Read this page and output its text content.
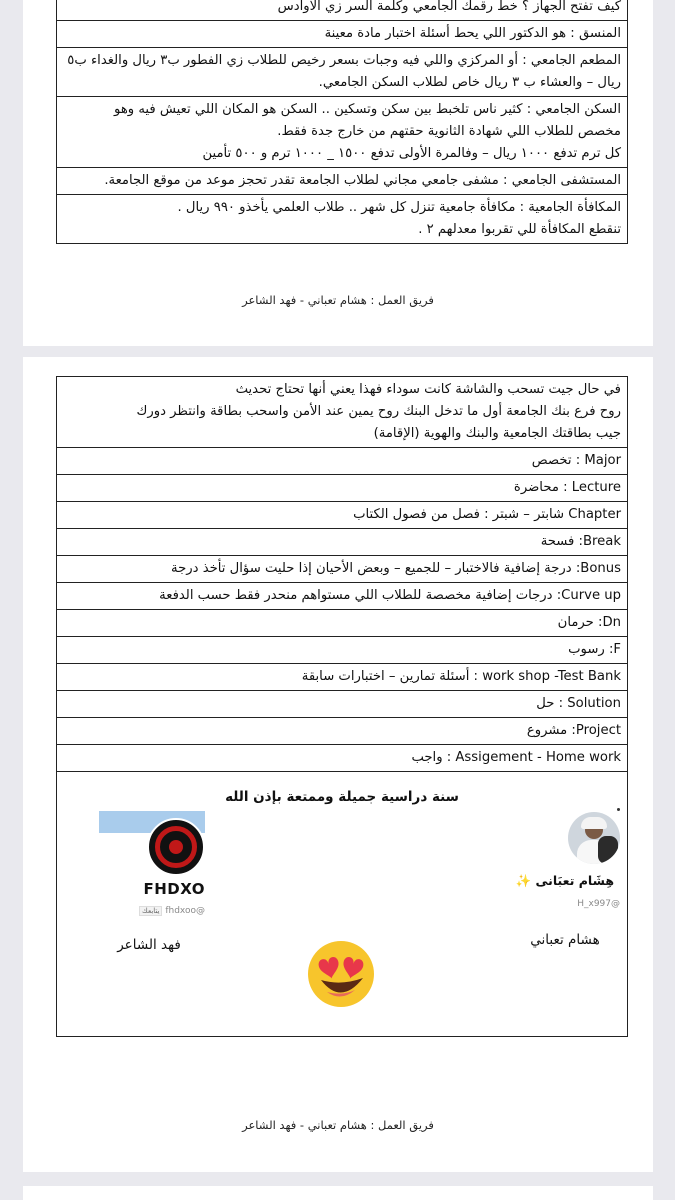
كيف تفتح الجهاز ؟ خط رقمك الجامعي وكلمة السر زي الاوادس
المنسق : هو الدكتور اللي يحط أسئلة اختبار مادة معينة
المطعم الجامعي : أو المركزي واللي فيه وجبات بسعر رخيص للطلاب زي الفطور ب٣ ريال والغداء ب٥
ريال – والعشاء ب ٣ ريال خاص لطلاب السكن الجامعي.
السكن الجامعي : كثير ناس تلخبط بين سكن وتسكين .. السكن هو المكان اللي تعيش فيه وهو
مخصص للطلاب اللي شهادة الثانوية حقتهم من خارج جدة فقط.
كل ترم تدفع ١٠٠٠ ريال – وفالمرة الأولى تدفع ١٥٠٠ _ ١٠٠٠ ترم و ٥٠٠ تأمين
المستشفى الجامعي : مشفى جامعي مجاني لطلاب الجامعة تقدر تحجز موعد من موقع الجامعة.
المكافأة الجامعية : مكافأة جامعية تنزل كل شهر .. طلاب العلمي يأخذو ٩٩٠ ريال .
تنقطع المكافأة للي تقربوا معدلهم ٢ .
فريق العمل : هشام تعباني - فهد الشاعر
في حال جيت تسحب والشاشة كانت سوداء فهذا يعني أنها تحتاج تحديث
روح فرع بنك الجامعة أول ما تدخل البنك روح يمين عند الأمن واسحب بطاقة وانتظر دورك
جيب بطاقتك الجامعية والبنك والهوية (الإقامة)
Major : تخصص
Lecture : محاضرة
Chapter شابتر – شبتر : فصل من فصول الكتاب
Break: فسحة
Bonus: درجة إضافية فالاختبار – للجميع – وبعض الأحيان إذا حليت سؤال تأخذ درجة
Curve up: درجات إضافية مخصصة للطلاب اللي مستواهم منحدر فقط حسب الدفعة
Dn: حرمان
F: رسوب
work shop -Test Bank : أسئلة تمارين – اختبارات سابقة
Solution : حل
Project: مشروع
Assigement - Home work : واجب
سنة دراسية جميلة وممتعة بإذن الله
هِشَام تعبَانى ✨
@H_x997
هشام تعباني
FHDXO
@fhdxoo يتابعك
فهد الشاعر
فريق العمل : هشام تعباني - فهد الشاعر
